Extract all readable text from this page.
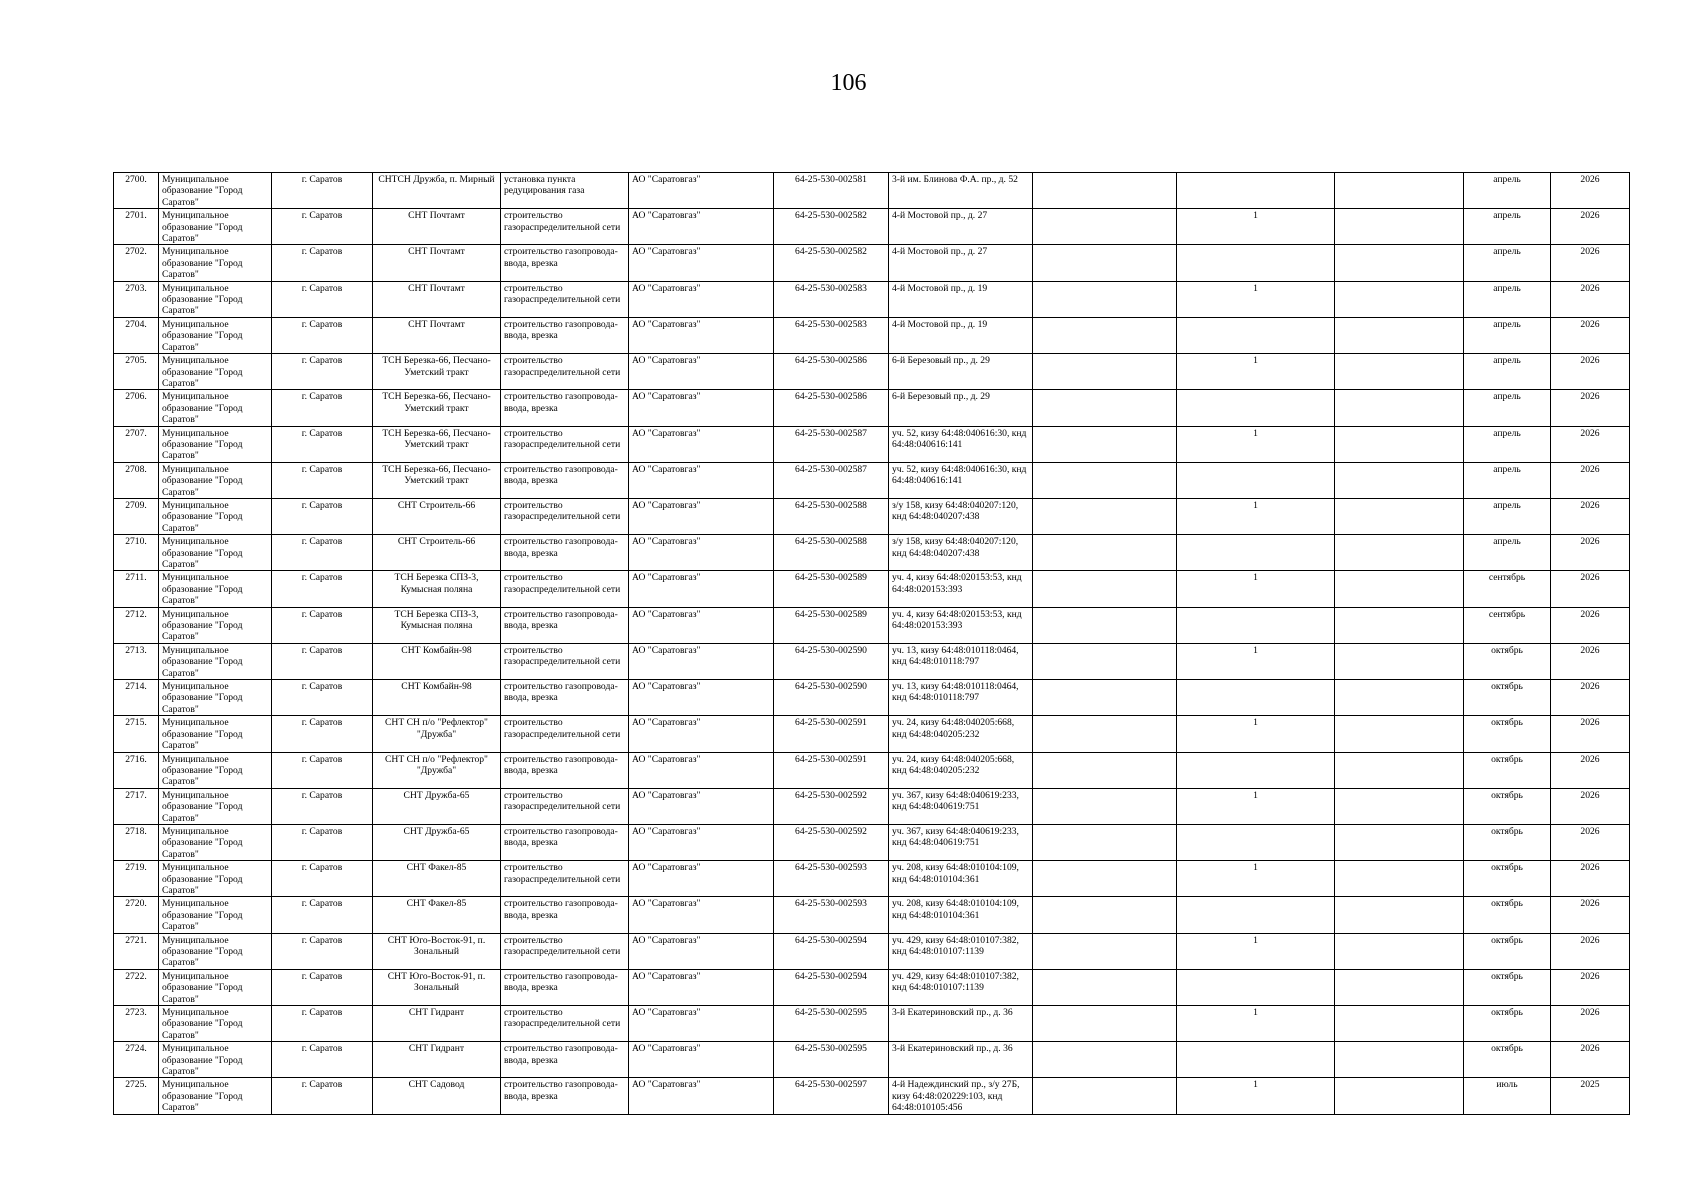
106
2700.	Муниципальное образование "Город Саратов"	г. Саратов	СНТСН Дружба, п. Мирный	установка пункта редуцирования газа	АО "Саратовгаз"	64-25-530-002581	3-й им. Блинова Ф.А. пр., д. 52				апрель	2026
2701.	Муниципальное образование "Город Саратов"	г. Саратов	СНТ Почтамт	строительство газораспределительной сети	АО "Саратовгаз"	64-25-530-002582	4-й Мостовой пр., д. 27		1		апрель	2026
2702.	Муниципальное образование "Город Саратов"	г. Саратов	СНТ Почтамт	строительство газопровода-ввода, врезка	АО "Саратовгаз"	64-25-530-002582	4-й Мостовой пр., д. 27				апрель	2026
2703.	Муниципальное образование "Город Саратов"	г. Саратов	СНТ Почтамт	строительство газораспределительной сети	АО "Саратовгаз"	64-25-530-002583	4-й Мостовой пр., д. 19		1		апрель	2026
2704.	Муниципальное образование "Город Саратов"	г. Саратов	СНТ Почтамт	строительство газопровода-ввода, врезка	АО "Саратовгаз"	64-25-530-002583	4-й Мостовой пр., д. 19				апрель	2026
2705.	Муниципальное образование "Город Саратов"	г. Саратов	ТСН Березка-66, Песчано-Уметский тракт	строительство газораспределительной сети	АО "Саратовгаз"	64-25-530-002586	6-й Березовый пр., д. 29		1		апрель	2026
2706.	Муниципальное образование "Город Саратов"	г. Саратов	ТСН Березка-66, Песчано-Уметский тракт	строительство газопровода-ввода, врезка	АО "Саратовгаз"	64-25-530-002586	6-й Березовый пр., д. 29				апрель	2026
2707.	Муниципальное образование "Город Саратов"	г. Саратов	ТСН Березка-66, Песчано-Уметский тракт	строительство газораспределительной сети	АО "Саратовгаз"	64-25-530-002587	уч. 52, кизу 64:48:040616:30, кнд 64:48:040616:141		1		апрель	2026
2708.	Муниципальное образование "Город Саратов"	г. Саратов	ТСН Березка-66, Песчано-Уметский тракт	строительство газопровода-ввода, врезка	АО "Саратовгаз"	64-25-530-002587	уч. 52, кизу 64:48:040616:30, кнд 64:48:040616:141				апрель	2026
2709.	Муниципальное образование "Город Саратов"	г. Саратов	СНТ Строитель-66	строительство газораспределительной сети	АО "Саратовгаз"	64-25-530-002588	з/у 158, кизу 64:48:040207:120, кнд 64:48:040207:438		1		апрель	2026
2710.	Муниципальное образование "Город Саратов"	г. Саратов	СНТ Строитель-66	строительство газопровода-ввода, врезка	АО "Саратовгаз"	64-25-530-002588	з/у 158, кизу 64:48:040207:120, кнд 64:48:040207:438				апрель	2026
2711.	Муниципальное образование "Город Саратов"	г. Саратов	ТСН Березка СПЗ-3, Кумысная поляна	строительство газораспределительной сети	АО "Саратовгаз"	64-25-530-002589	уч. 4, кизу 64:48:020153:53, кнд 64:48:020153:393		1		сентябрь	2026
2712.	Муниципальное образование "Город Саратов"	г. Саратов	ТСН Березка СПЗ-3, Кумысная поляна	строительство газопровода-ввода, врезка	АО "Саратовгаз"	64-25-530-002589	уч. 4, кизу 64:48:020153:53, кнд 64:48:020153:393				сентябрь	2026
2713.	Муниципальное образование "Город Саратов"	г. Саратов	СНТ Комбайн-98	строительство газораспределительной сети	АО "Саратовгаз"	64-25-530-002590	уч. 13, кизу 64:48:010118:0464, кнд 64:48:010118:797		1		октябрь	2026
2714.	Муниципальное образование "Город Саратов"	г. Саратов	СНТ Комбайн-98	строительство газопровода-ввода, врезка	АО "Саратовгаз"	64-25-530-002590	уч. 13, кизу 64:48:010118:0464, кнд 64:48:010118:797				октябрь	2026
2715.	Муниципальное образование "Город Саратов"	г. Саратов	СНТ СН п/о "Рефлектор" "Дружба"	строительство газораспределительной сети	АО "Саратовгаз"	64-25-530-002591	уч. 24, кизу 64:48:040205:668, кнд 64:48:040205:232		1		октябрь	2026
2716.	Муниципальное образование "Город Саратов"	г. Саратов	СНТ СН п/о "Рефлектор" "Дружба"	строительство газопровода-ввода, врезка	АО "Саратовгаз"	64-25-530-002591	уч. 24, кизу 64:48:040205:668, кнд 64:48:040205:232				октябрь	2026
2717.	Муниципальное образование "Город Саратов"	г. Саратов	СНТ Дружба-65	строительство газораспределительной сети	АО "Саратовгаз"	64-25-530-002592	уч. 367, кизу 64:48:040619:233, кнд 64:48:040619:751		1		октябрь	2026
2718.	Муниципальное образование "Город Саратов"	г. Саратов	СНТ Дружба-65	строительство газопровода-ввода, врезка	АО "Саратовгаз"	64-25-530-002592	уч. 367, кизу 64:48:040619:233, кнд 64:48:040619:751				октябрь	2026
2719.	Муниципальное образование "Город Саратов"	г. Саратов	СНТ Факел-85	строительство газораспределительной сети	АО "Саратовгаз"	64-25-530-002593	уч. 208, кизу 64:48:010104:109, кнд 64:48:010104:361		1		октябрь	2026
2720.	Муниципальное образование "Город Саратов"	г. Саратов	СНТ Факел-85	строительство газопровода-ввода, врезка	АО "Саратовгаз"	64-25-530-002593	уч. 208, кизу 64:48:010104:109, кнд 64:48:010104:361				октябрь	2026
2721.	Муниципальное образование "Город Саратов"	г. Саратов	СНТ Юго-Восток-91, п. Зональный	строительство газораспределительной сети	АО "Саратовгаз"	64-25-530-002594	уч. 429, кизу 64:48:010107:382, кнд 64:48:010107:1139		1		октябрь	2026
2722.	Муниципальное образование "Город Саратов"	г. Саратов	СНТ Юго-Восток-91, п. Зональный	строительство газопровода-ввода, врезка	АО "Саратовгаз"	64-25-530-002594	уч. 429, кизу 64:48:010107:382, кнд 64:48:010107:1139				октябрь	2026
2723.	Муниципальное образование "Город Саратов"	г. Саратов	СНТ Гидрант	строительство газораспределительной сети	АО "Саратовгаз"	64-25-530-002595	3-й Екатериновский пр., д. 36		1		октябрь	2026
2724.	Муниципальное образование "Город Саратов"	г. Саратов	СНТ Гидрант	строительство газопровода-ввода, врезка	АО "Саратовгаз"	64-25-530-002595	3-й Екатериновский пр., д. 36				октябрь	2026
2725.	Муниципальное образование "Город Саратов"	г. Саратов	СНТ Садовод	строительство газопровода-ввода, врезка	АО "Саратовгаз"	64-25-530-002597	4-й Надеждинский пр., з/у 27Б, кизу 64:48:020229:103, кнд 64:48:010105:456		1		июль	2025
